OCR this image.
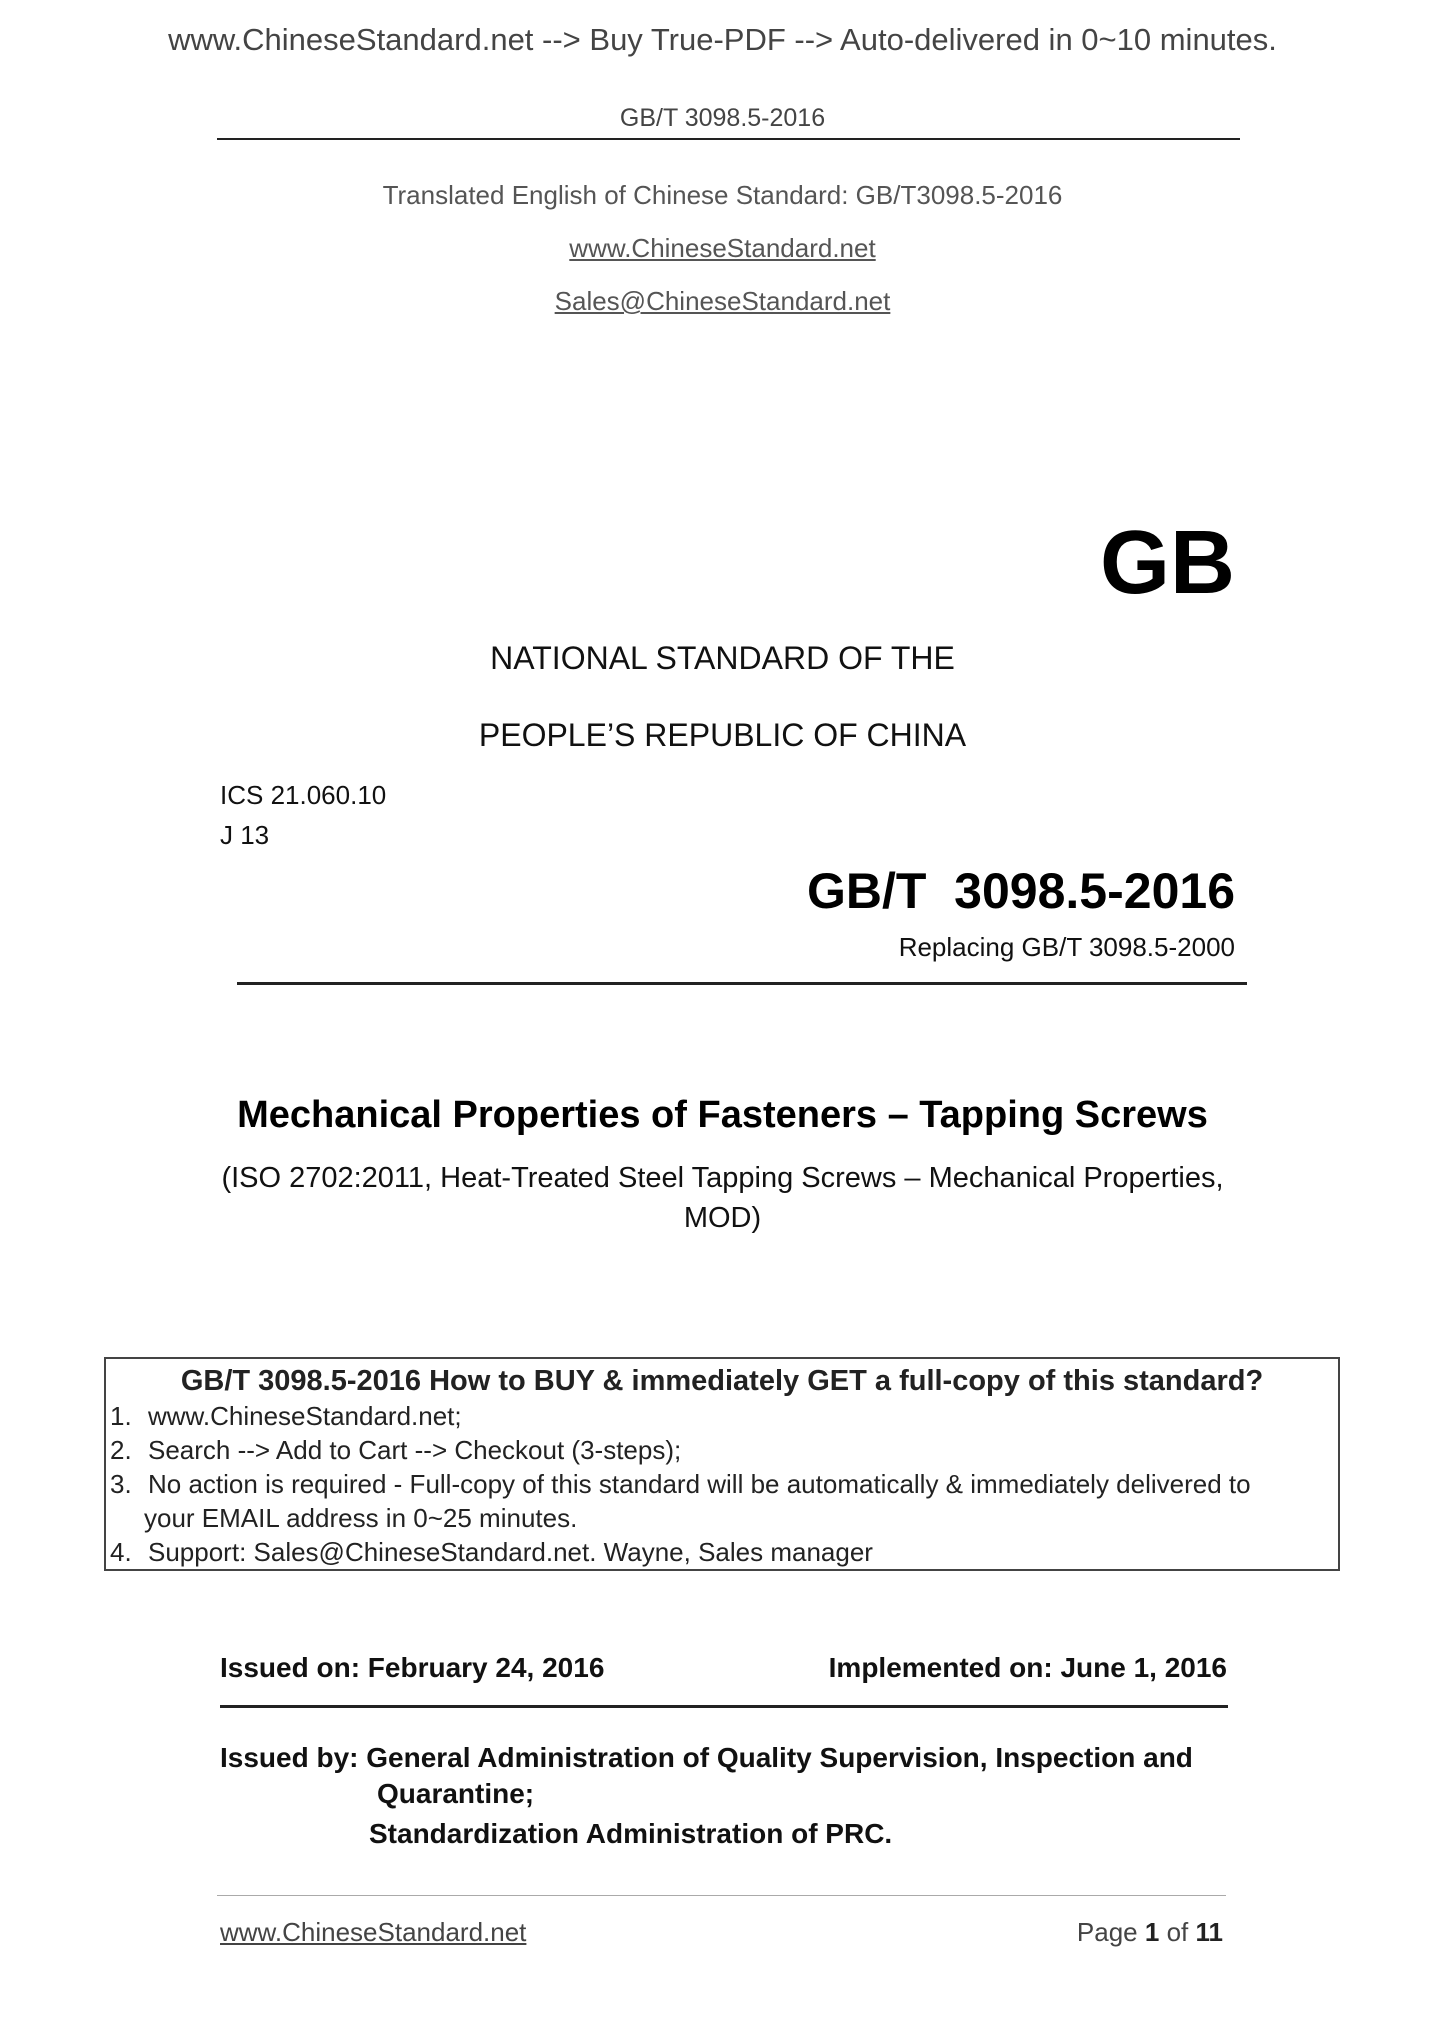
www.ChineseStandard.net --> Buy True-PDF --> Auto-delivered in 0~10 minutes.
GB/T 3098.5-2016
Translated English of Chinese Standard: GB/T3098.5-2016
www.ChineseStandard.net
Sales@ChineseStandard.net
GB
NATIONAL STANDARD OF THE
PEOPLE’S REPUBLIC OF CHINA
ICS 21.060.10
J 13
GB/T  3098.5-2016
Replacing GB/T 3098.5-2000
Mechanical Properties of Fasteners – Tapping Screws
(ISO 2702:2011, Heat-Treated Steel Tapping Screws – Mechanical Properties,
MOD)
GB/T 3098.5-2016 How to BUY & immediately GET a full-copy of this standard?
1. www.ChineseStandard.net;
2. Search --> Add to Cart --> Checkout (3-steps);
3. No action is required - Full-copy of this standard will be automatically & immediately delivered to
your EMAIL address in 0~25 minutes.
4. Support: Sales@ChineseStandard.net. Wayne, Sales manager
Issued on: February 24, 2016	Implemented on: June 1, 2016
Issued by: General Administration of Quality Supervision, Inspection and
Quarantine;
Standardization Administration of PRC.
www.ChineseStandard.net	Page 1 of 11
